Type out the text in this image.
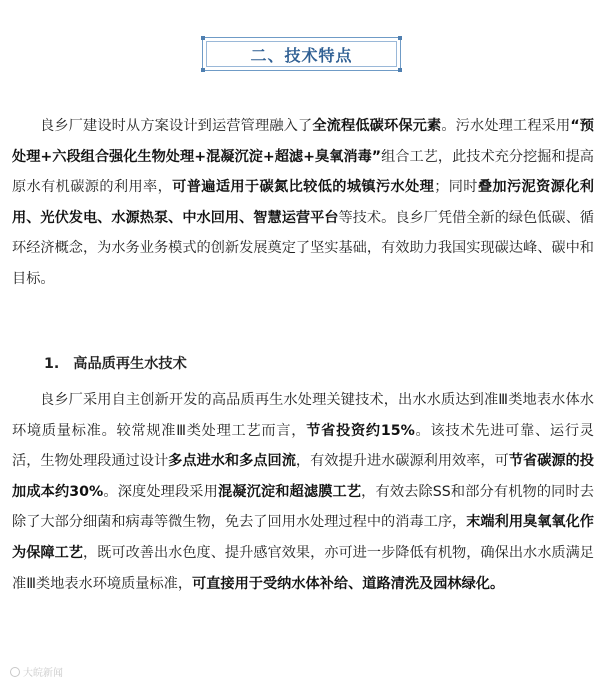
二、技术特点

良乡厂建设时从方案设计到运营管理融入了全流程低碳环保元素。污水处理工程采用“预处理+六段组合强化生物处理+混凝沉淀+超滤+臭氧消毒”组合工艺，此技术充分挖掘和提高原水有机碳源的利用率，可普遍适用于碳氮比较低的城镇污水处理；同时叠加污泥资源化利用、光伏发电、水源热泵、中水回用、智慧运营平台等技术。良乡厂凭借全新的绿色低碳、循环经济概念，为水务业务模式的创新发展奠定了坚实基础，有效助力我国实现碳达峰、碳中和目标。

1. 高品质再生水技术

良乡厂采用自主创新开发的高品质再生水处理关键技术，出水水质达到准Ⅲ类地表水体水环境质量标准。较常规准Ⅲ类处理工艺而言，节省投资约15%。该技术先进可靠、运行灵活，生物处理段通过设计多点进水和多点回流，有效提升进水碳源利用效率，可节省碳源的投加成本约30%。深度处理段采用混凝沉淀和超滤膜工艺，有效去除SS和部分有机物的同时去除了大部分细菌和病毒等微生物，免去了回用水处理过程中的消毒工序，末端利用臭氧氧化作为保障工艺，既可改善出水色度、提升感官效果，亦可进一步降低有机物，确保出水水质满足准Ⅲ类地表水环境质量标准，可直接用于受纳水体补给、道路清洗及园林绿化。

大皖新闻
